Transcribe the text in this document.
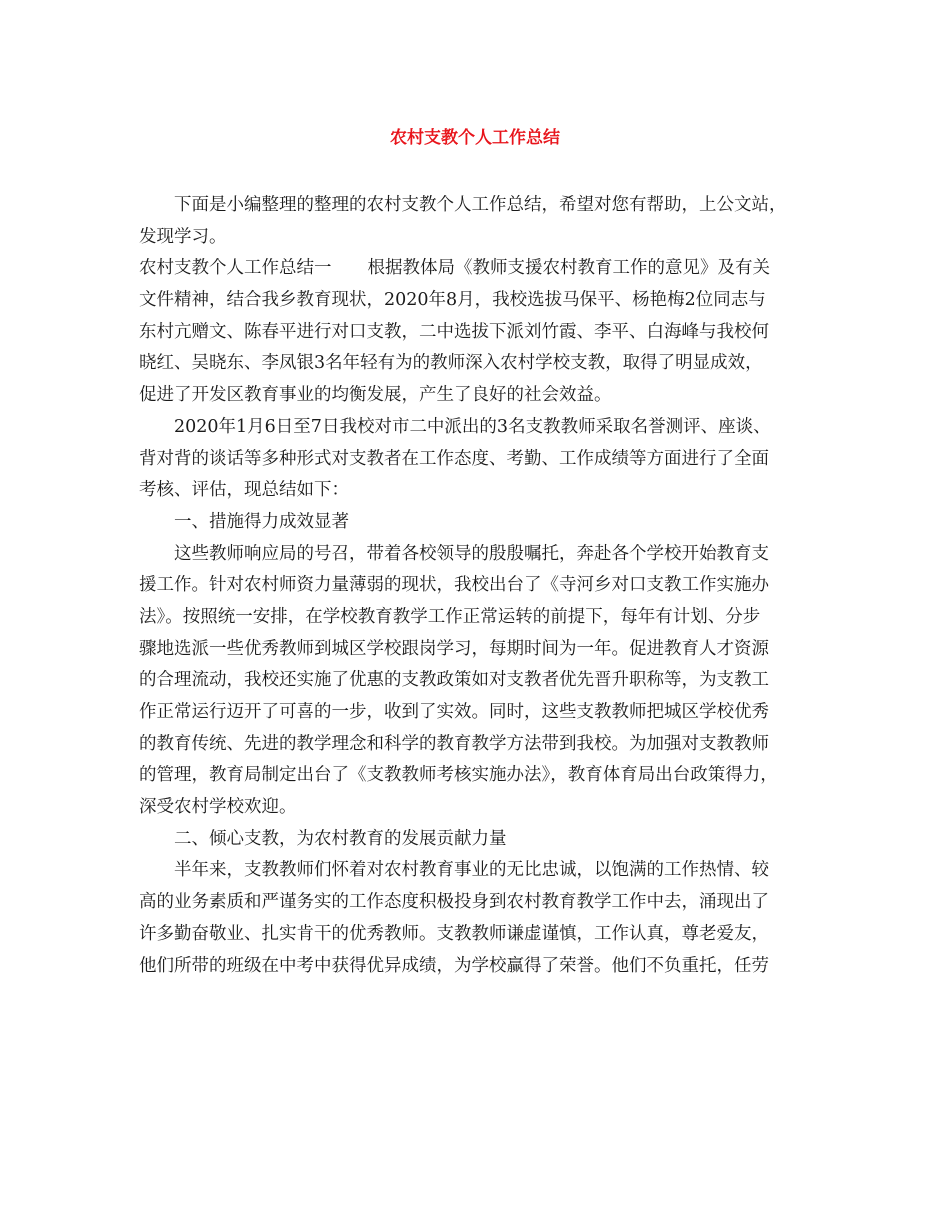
农村支教个人工作总结
下面是小编整理的整理的农村支教个人工作总结，希望对您有帮助，上公文站，
发现学习。
农村支教个人工作总结一 根据教体局《教师支援农村教育工作的意见》及有关
文件精神，结合我乡教育现状，2020年8月，我校选拔马保平、杨艳梅2位同志与
东村亢赠文、陈春平进行对口支教，二中选拔下派刘竹霞、李平、白海峰与我校何
晓红、吴晓东、李凤银3名年轻有为的教师深入农村学校支教，取得了明显成效，
促进了开发区教育事业的均衡发展，产生了良好的社会效益。
2020年1月6日至7日我校对市二中派出的3名支教教师采取名誉测评、座谈、
背对背的谈话等多种形式对支教者在工作态度、考勤、工作成绩等方面进行了全面
考核、评估，现总结如下：
一、措施得力成效显著
这些教师响应局的号召，带着各校领导的殷殷嘱托，奔赴各个学校开始教育支
援工作。针对农村师资力量薄弱的现状，我校出台了《寺河乡对口支教工作实施办
法》。按照统一安排，在学校教育教学工作正常运转的前提下，每年有计划、分步
骤地选派一些优秀教师到城区学校跟岗学习，每期时间为一年。促进教育人才资源
的合理流动，我校还实施了优惠的支教政策如对支教者优先晋升职称等，为支教工
作正常运行迈开了可喜的一步，收到了实效。同时，这些支教教师把城区学校优秀
的教育传统、先进的教学理念和科学的教育教学方法带到我校。为加强对支教教师
的管理，教育局制定出台了《支教教师考核实施办法》，教育体育局出台政策得力，
深受农村学校欢迎。
二、倾心支教，为农村教育的发展贡献力量
半年来，支教教师们怀着对农村教育事业的无比忠诚，以饱满的工作热情、较
高的业务素质和严谨务实的工作态度积极投身到农村教育教学工作中去，涌现出了
许多勤奋敬业、扎实肯干的优秀教师。支教教师谦虚谨慎，工作认真，尊老爱友，
他们所带的班级在中考中获得优异成绩，为学校赢得了荣誉。他们不负重托，任劳
